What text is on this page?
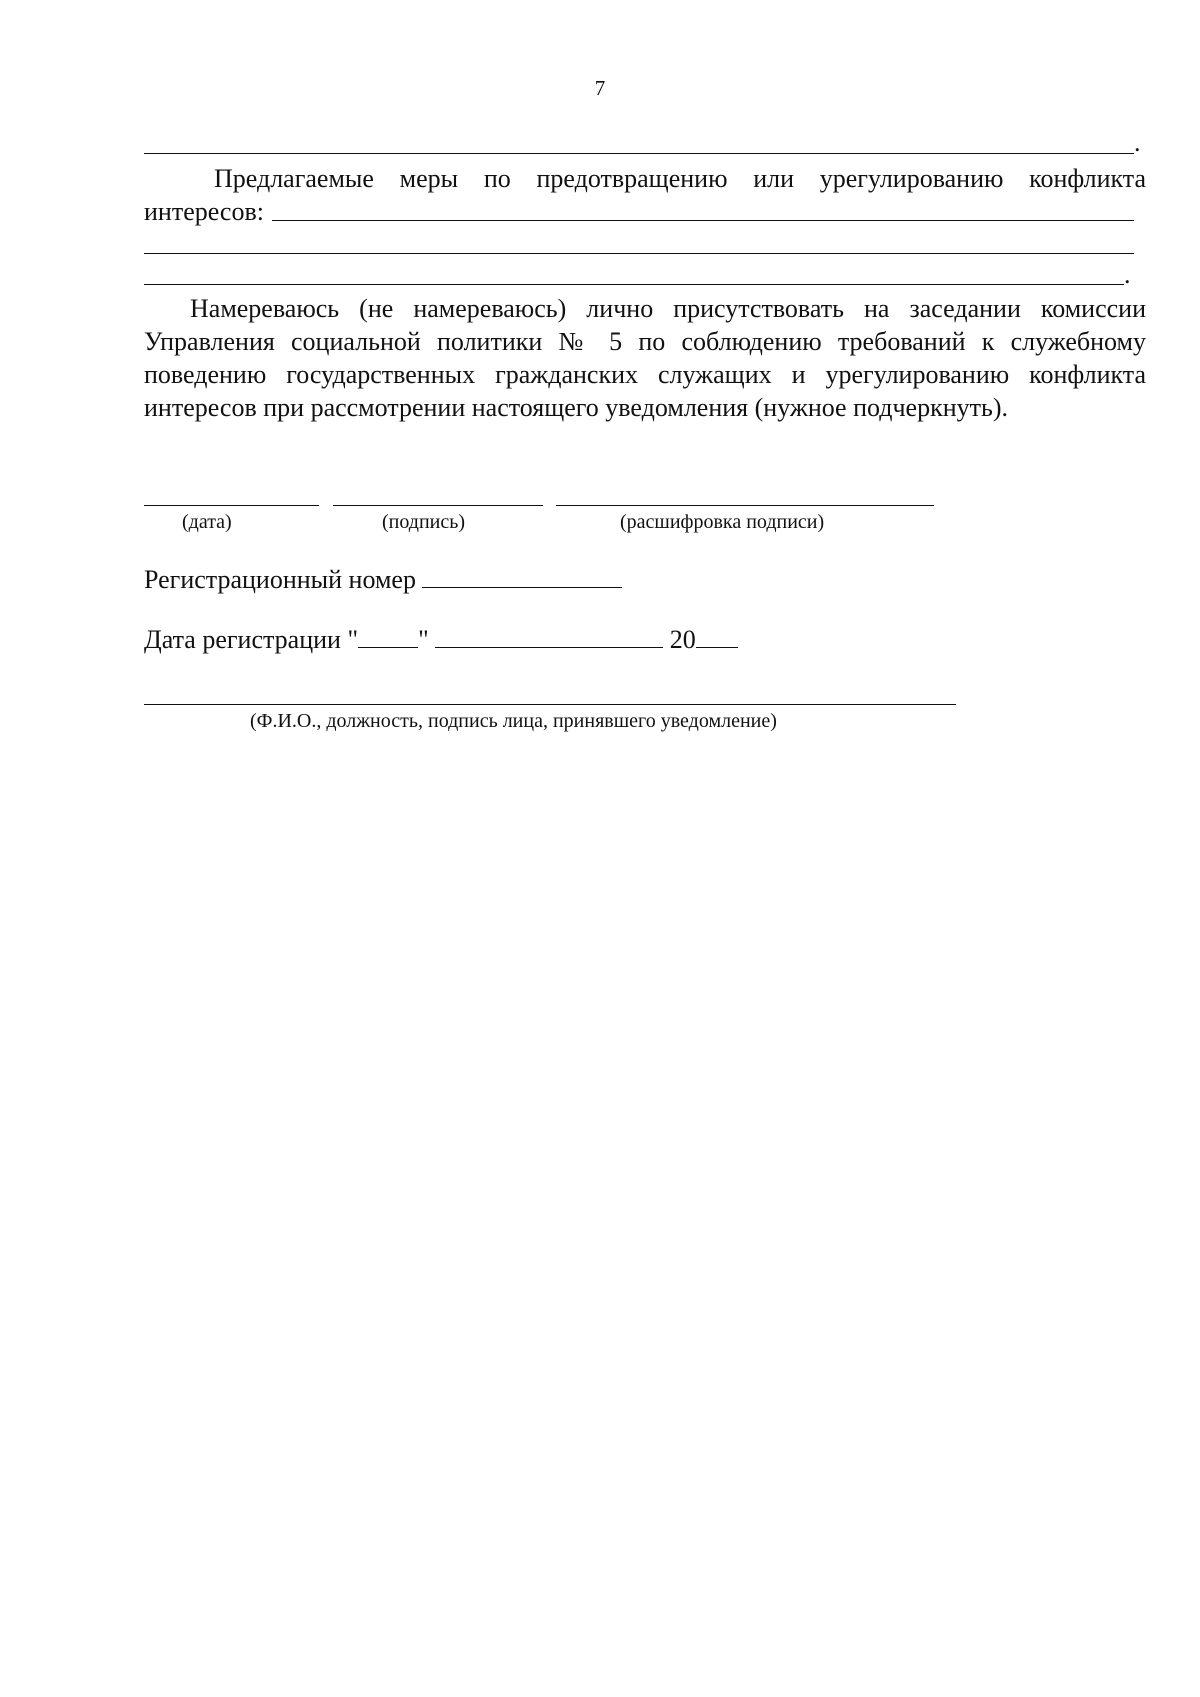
7
.
Предлагаемые меры по предотвращению или урегулированию конфликта
интересов:
.
Намереваюсь (не намереваюсь) лично присутствовать на заседании комиссии Управления социальной политики № 5 по соблюдению требований к служебному поведению государственных гражданских служащих и урегулированию конфликта интересов при рассмотрении настоящего уведомления (нужное подчеркнуть).
(дата)	(подпись)	(расшифровка подписи)
Регистрационный номер
Дата регистрации " "	20
(Ф.И.О., должность, подпись лица, принявшего уведомление)
